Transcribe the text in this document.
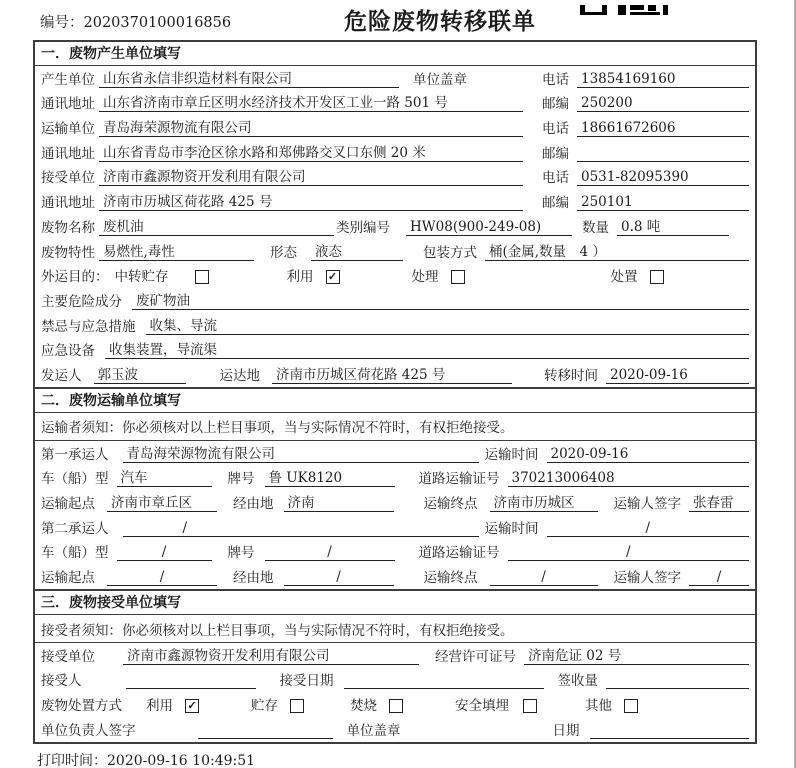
编号：2020370100016856	危险废物转移联单
一．废物产生单位填写
产生单位 山东省永信非织造材料有限公司	单位盖章	电话 13854169160
通讯地址 山东省济南市章丘区明水经济技术开发区工业一路 501 号	邮编 250200
运输单位 青岛海荣源物流有限公司	电话 18661672606
通讯地址 山东省青岛市李沧区徐水路和郑佛路交叉口东侧 20 米	邮编
接受单位 济南市鑫源物资开发利用有限公司	电话 0531-82095390
通讯地址 济南市历城区荷花路 425 号	邮编 250101
废物名称 废机油	类别编号 HW08(900-249-08)	数量 0.8 吨
废物特性 易燃性,毒性	形态 液态	包装方式 桶(金属,数量　4 ）
外运目的： 中转贮存	利用 ✓	处理	处置
主要危险成分 废矿物油
禁忌与应急措施 收集、导流
应急设备 收集装置，导流渠
发运人 郭玉波	运达地 济南市历城区荷花路 425 号	转移时间 2020-09-16
二．废物运输单位填写
运输者须知： 你必须核对以上栏目事项，当与实际情况不符时，有权拒绝接受。
第一承运人 青岛海荣源物流有限公司	运输时间 2020-09-16
车（船）型 汽车	牌号 鲁 UK8120	道路运输证号 370213006408
运输起点 济南市章丘区	经由地 济南	运输终点 济南市历城区	运输人签字 张春雷
第二承运人	/	运输时间	/
车（船）型	/	牌号	/	道路运输证号	/
运输起点	/	经由地	/	运输终点	/	运输人签字	/
三．废物接受单位填写
接受者须知： 你必须核对以上栏目事项，当与实际情况不符时，有权拒绝接受。
接受单位 济南市鑫源物资开发利用有限公司	经营许可证号 济南危证 02 号
接受人	接受日期	签收量
废物处置方式 利用 ✓	贮存	焚烧	安全填埋	其他
单位负责人签字	单位盖章	日期
打印时间：2020-09-16 10:49:51
